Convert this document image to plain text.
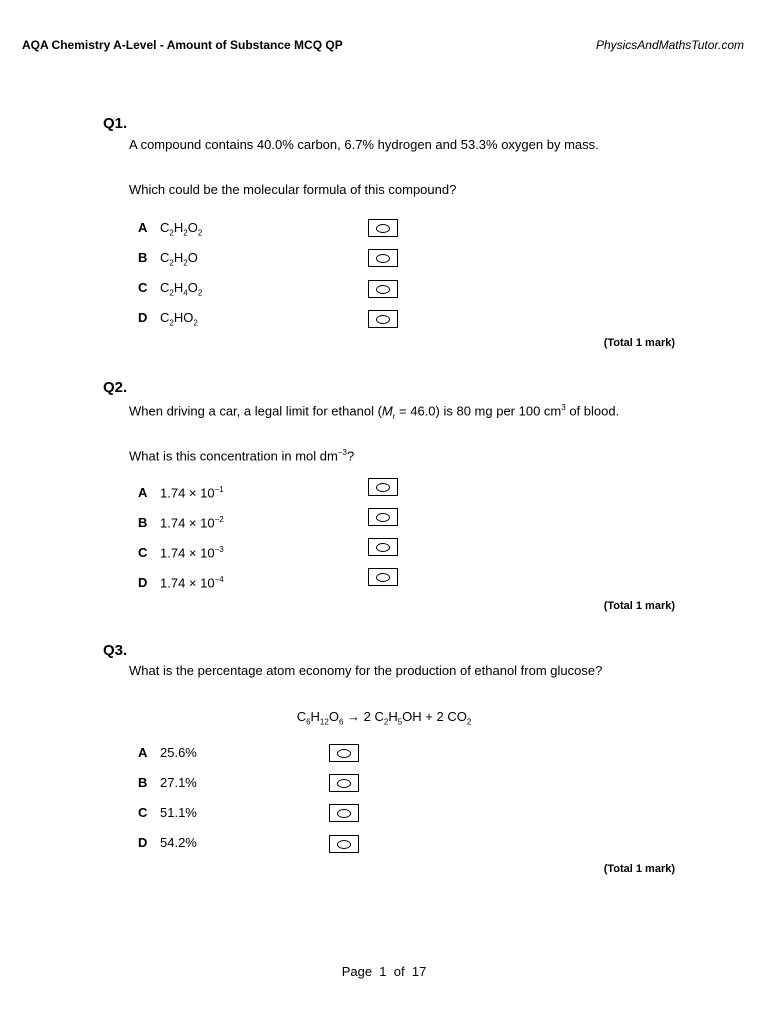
AQA Chemistry A-Level - Amount of Substance MCQ QP	PhysicsAndMathsTutor.com
Q1.
A compound contains 40.0% carbon, 6.7% hydrogen and 53.3% oxygen by mass.
Which could be the molecular formula of this compound?
A $C_2H_2O_2$
B $C_2H_2O$
C $C_2H_4O_2$
D $C_2HO_2$
(Total 1 mark)
Q2.
When driving a car, a legal limit for ethanol $(M_r = 46.0)$ is 80 mg per 100 $cm^3$ of blood.
What is this concentration in mol $dm^{-3}$?
A $1.74 \times 10^{-1}$
B $1.74 \times 10^{-2}$
C $1.74 \times 10^{-3}$
D $1.74 \times 10^{-4}$
(Total 1 mark)
Q3.
What is the percentage atom economy for the production of ethanol from glucose?
$C_6H_{12}O_6 \to 2$ $C_2H_5OH + 2$ $CO_2$
A 25.6%
B 27.1%
C 51.1%
D 54.2%
(Total 1 mark)
Page 1 of 17
